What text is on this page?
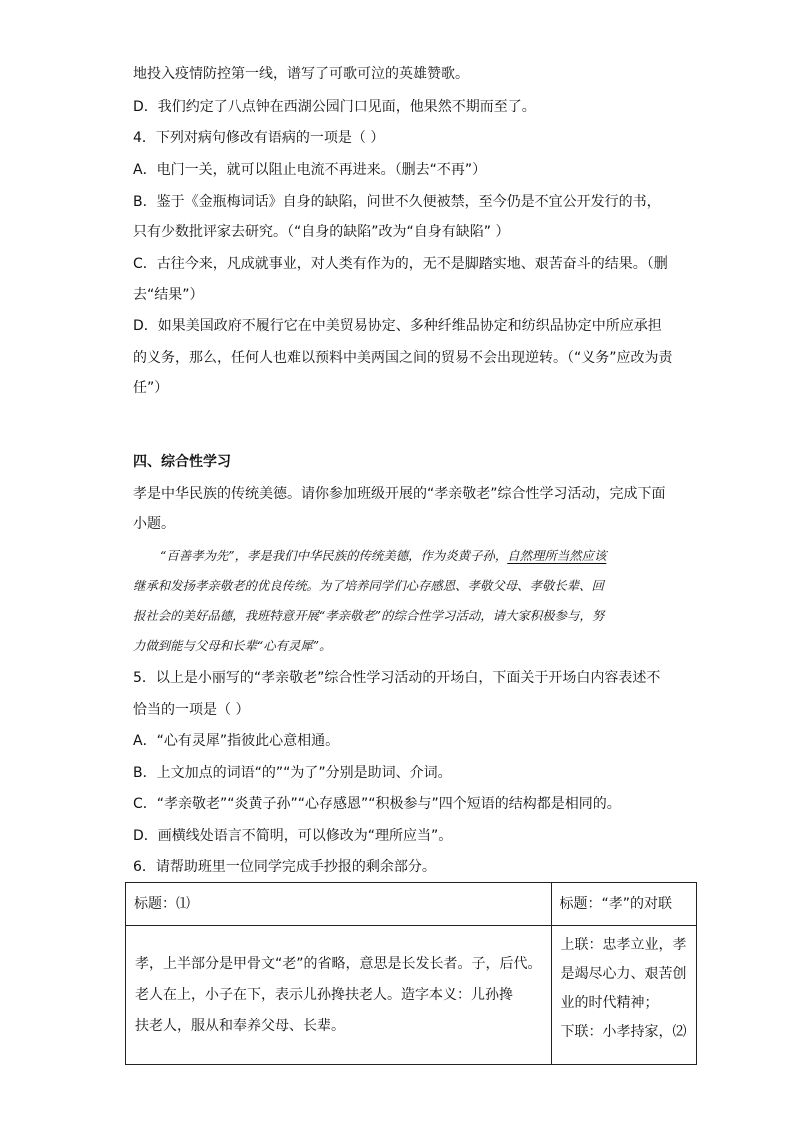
地投入疫情防控第一线，谱写了可歌可泣的英雄赞歌。
D．我们约定了八点钟在西湖公园门口见面，他果然不期而至了。
4．下列对病句修改有语病的一项是（ ）
A．电门一关，就可以阻止电流不再进来。（删去“不再”）
B．鉴于《金瓶梅词话》自身的缺陷，问世不久便被禁，至今仍是不宜公开发行的书，
只有少数批评家去研究。（“自身的缺陷”改为“自身有缺陷” ）
C．古往今来，凡成就事业，对人类有作为的，无不是脚踏实地、艰苦奋斗的结果。（删
去“结果”）
D．如果美国政府不履行它在中美贸易协定、多种纤维品协定和纺织品协定中所应承担
的义务，那么，任何人也难以预料中美两国之间的贸易不会出现逆转。（“义务”应改为责
任”）
四、综合性学习
孝是中华民族的传统美德。请你参加班级开展的“孝亲敬老”综合性学习活动，完成下面
小题。
“百善孝为先”，孝是我们中华民族的传统美德，作为炎黄子孙，自然理所当然应该
继承和发扬孝亲敬老的优良传统。为了培养同学们心存感恩、孝敬父母、孝敬长辈、回
报社会的美好品德，我班特意开展“孝亲敬老”的综合性学习活动，请大家积极参与，努
力做到能与父母和长辈“心有灵犀”。
5．以上是小丽写的“孝亲敬老”综合性学习活动的开场白，下面关于开场白内容表述不
恰当的一项是（ ）
A．“心有灵犀”指彼此心意相通。
B．上文加点的词语“的”“为了”分别是助词、介词。
C．“孝亲敬老”“炎黄子孙”“心存感恩”“积极参与”四个短语的结构都是相同的。
D．画横线处语言不简明，可以修改为“理所应当”。
6．请帮助班里一位同学完成手抄报的剩余部分。
标题：⑴	标题：“孝”的对联

孝，上半部分是甲骨文“老”的省略，意思是长发长者。子，后代。
老人在上，小子在下，表示儿孙搀扶老人。造字本义：儿孙搀
扶老人，服从和奉养父母、长辈。	上联：忠孝立业，孝
是竭尽心力、艰苦创
业的时代精神；
下联：小孝持家，⑵
